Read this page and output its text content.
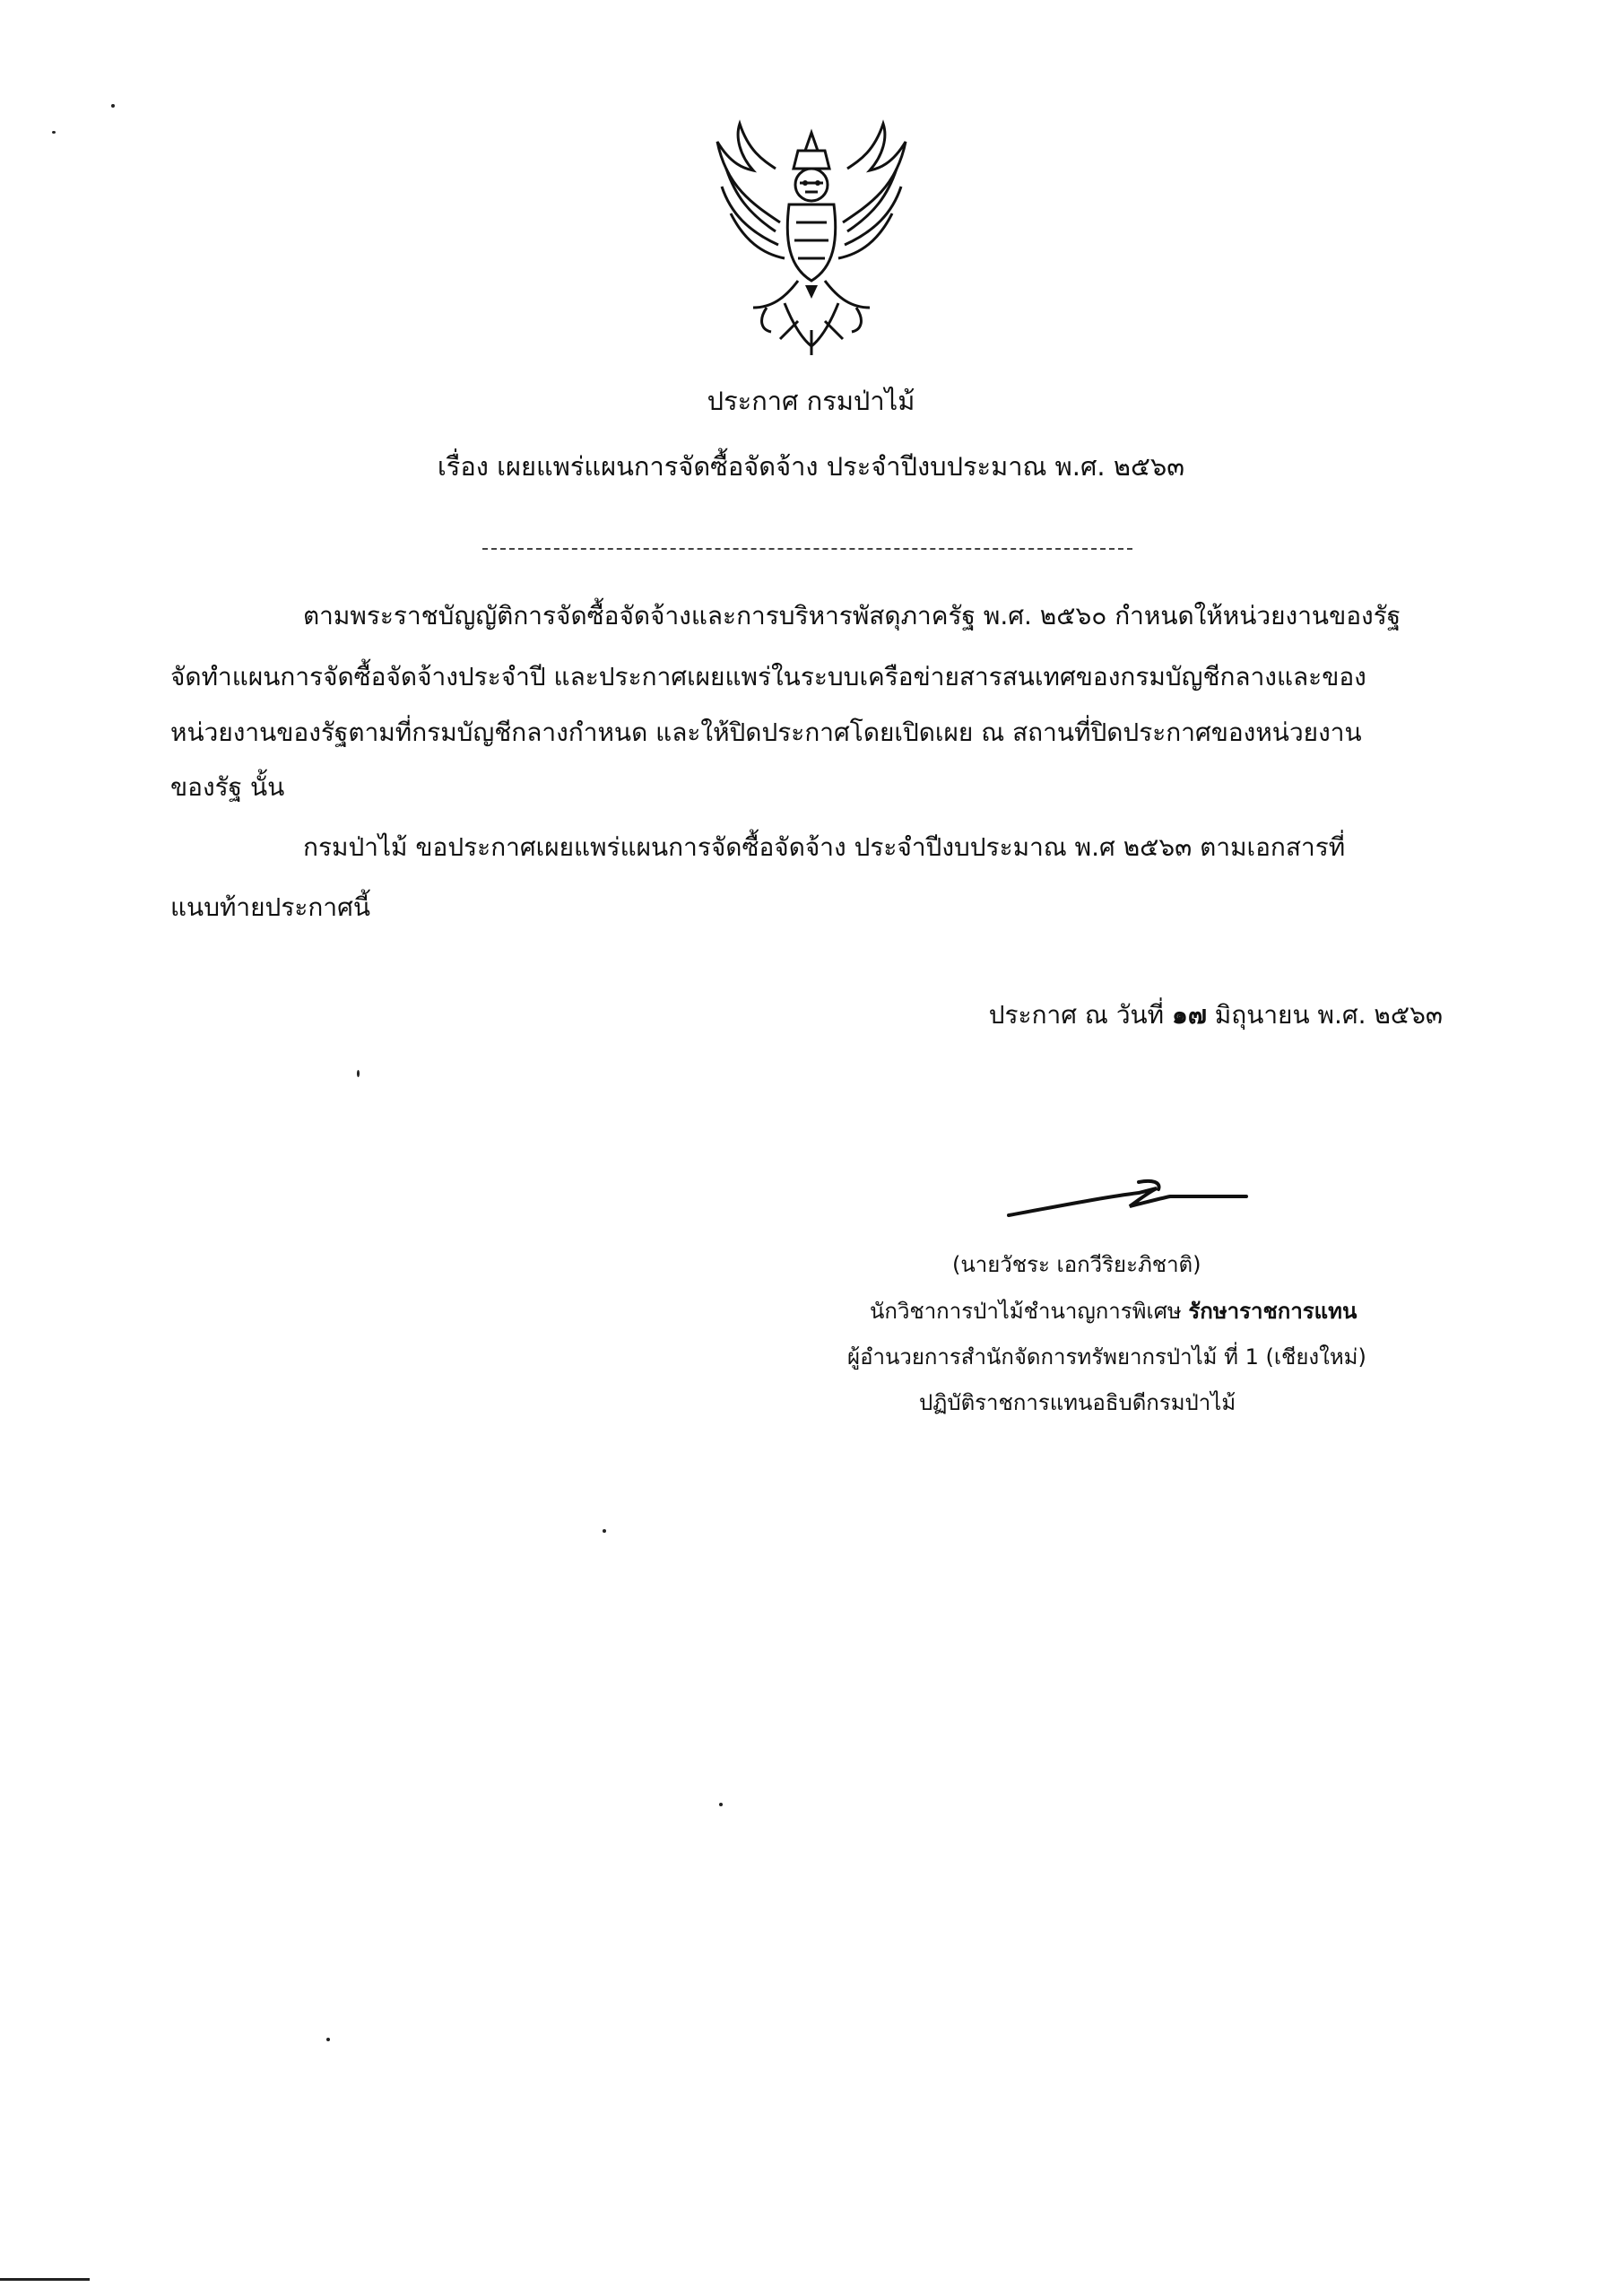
ประกาศ กรมป่าไม้
เรื่อง เผยแพร่แผนการจัดซื้อจัดจ้าง ประจำปีงบประมาณ พ.ศ. ๒๕๖๓
ตามพระราชบัญญัติการจัดซื้อจัดจ้างและการบริหารพัสดุภาครัฐ พ.ศ. ๒๕๖๐ กำหนดให้หน่วยงานของรัฐ
จัดทำแผนการจัดซื้อจัดจ้างประจำปี และประกาศเผยแพร่ในระบบเครือข่ายสารสนเทศของกรมบัญชีกลางและของ
หน่วยงานของรัฐตามที่กรมบัญชีกลางกำหนด และให้ปิดประกาศโดยเปิดเผย ณ สถานที่ปิดประกาศของหน่วยงาน
ของรัฐ นั้น
กรมป่าไม้ ขอประกาศเผยแพร่แผนการจัดซื้อจัดจ้าง ประจำปีงบประมาณ พ.ศ ๒๕๖๓ ตามเอกสารที่
แนบท้ายประกาศนี้
ประกาศ ณ วันที่ ๑๗ มิถุนายน พ.ศ. ๒๕๖๓
(นายวัชระ เอกวีริยะภิชาติ)
นักวิชาการป่าไม้ชำนาญการพิเศษ รักษาราชการแทน
ผู้อำนวยการสำนักจัดการทรัพยากรป่าไม้ ที่ 1 (เชียงใหม่)
ปฏิบัติราชการแทนอธิบดีกรมป่าไม้
